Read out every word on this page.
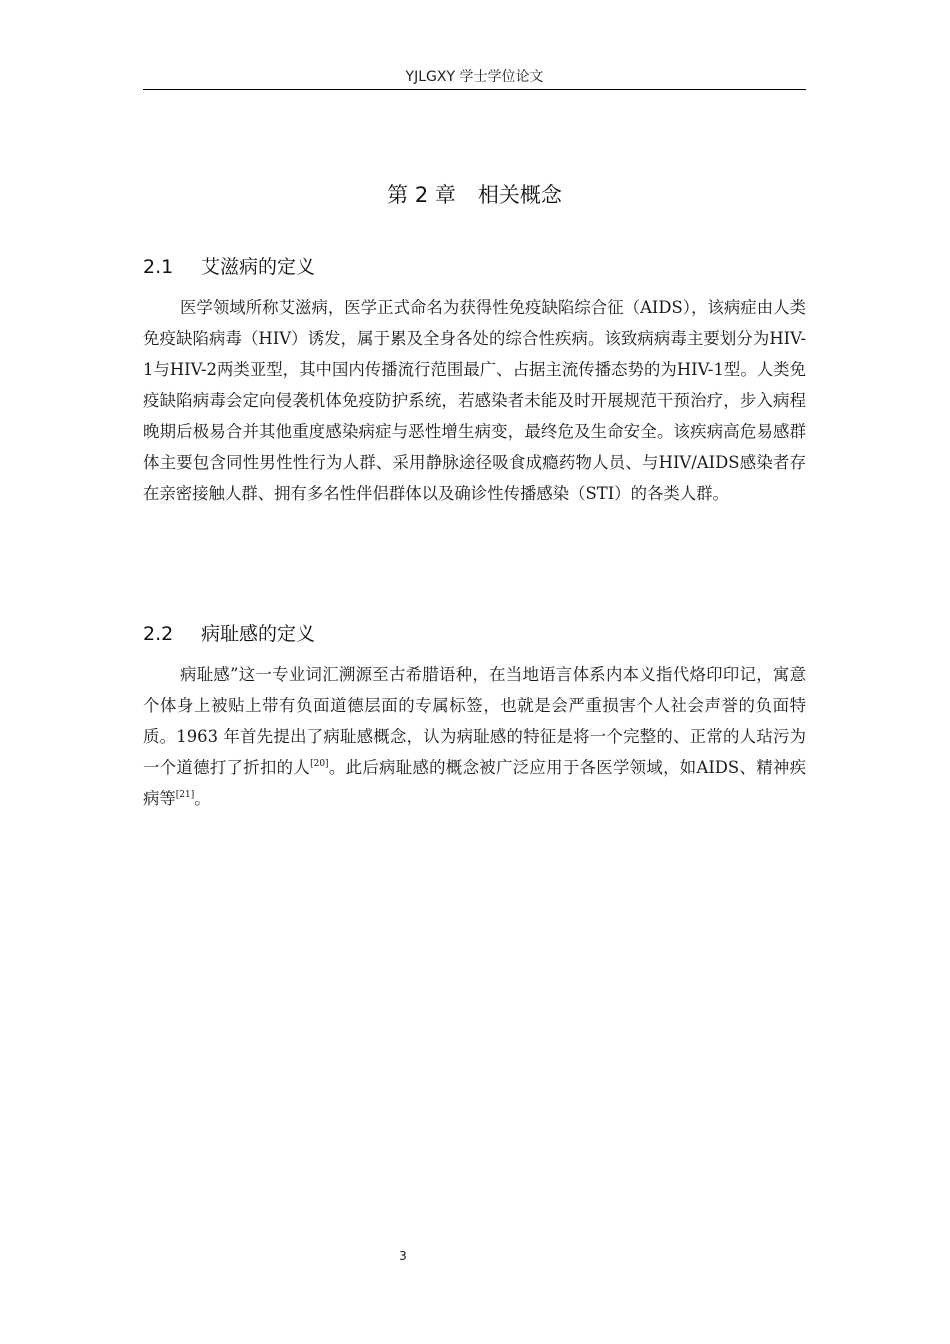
YJLGXY 学士学位论文
第 2 章 相关概念
2.1 艾滋病的定义

医学领域所称艾滋病，医学正式命名为获得性免疫缺陷综合征（AIDS），该病症由人类免疫缺陷病毒（HIV）诱发，属于累及全身各处的综合性疾病。该致病病毒主要划分为HIV-1与HIV-2两类亚型，其中国内传播流行范围最广、占据主流传播态势的为HIV-1型。人类免疫缺陷病毒会定向侵袭机体免疫防护系统，若感染者未能及时开展规范干预治疗，步入病程晚期后极易合并其他重度感染病症与恶性增生病变，最终危及生命安全。该疾病高危易感群体主要包含同性男性性行为人群、采用静脉途径吸食成瘾药物人员、与HIV/AIDS感染者存在亲密接触人群、拥有多名性伴侣群体以及确诊性传播感染（STI）的各类人群。

2.2 病耻感的定义

病耻感”这一专业词汇溯源至古希腊语种，在当地语言体系内本义指代烙印印记，寓意个体身上被贴上带有负面道德层面的专属标签，也就是会严重损害个人社会声誉的负面特质。1963 年首先提出了病耻感概念，认为病耻感的特征是将一个完整的、正常的人玷污为一个道德打了折扣的人[20]。此后病耻感的概念被广泛应用于各医学领域，如AIDS、精神疾病等[21]。

3
